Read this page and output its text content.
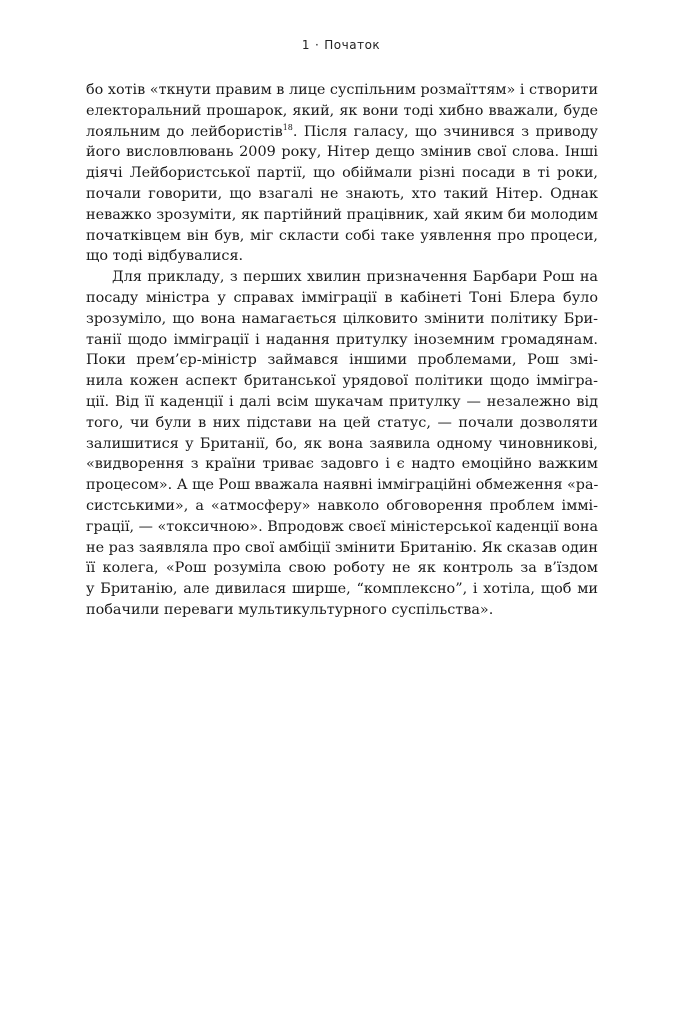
1 · Початок
бо хотів «ткнути правим в лице суспільним розмаїттям» і створити
електоральний прошарок, який, як вони тоді хибно вважали, буде
лояльним до лейбористів$^{18}$. Після галасу, що зчинився з приводу
його висловлювань 2009 року, Нітер дещо змінив свої слова. Інші
діячі Лейбористської партії, що обіймали різні посади в ті роки,
почали говорити, що взагалі не знають, хто такий Нітер. Однак
неважко зрозуміти, як партійний працівник, хай яким би молодим
початківцем він був, міг скласти собі таке уявлення про процеси,
що тоді відбувалися.
Для прикладу, з перших хвилин призначення Барбари Рош на
посаду міністра у справах імміграції в кабінеті Тоні Блера було
зрозуміло, що вона намагається цілковито змінити політику Бри-
танії щодо імміграції і надання притулку іноземним громадянам.
Поки прем’єр-міністр займався іншими проблемами, Рош змі-
нила кожен аспект британської урядової політики щодо іммігра-
ції. Від її каденції і далі всім шукачам притулку — незалежно від
того, чи були в них підстави на цей статус, — почали дозволяти
залишитися у Британії, бо, як вона заявила одному чиновникові,
«видворення з країни триває задовго і є надто емоційно важким
процесом». А ще Рош вважала наявні імміграційні обмеження «ра-
систськими», а «атмосферу» навколо обговорення проблем іммі-
грації, — «токсичною». Впродовж своєї міністерської каденції вона
не раз заявляла про свої амбіції змінити Британію. Як сказав один
її колега, «Рош розуміла свою роботу не як контроль за в’їздом
у Британію, але дивилася ширше, “комплексно”, і хотіла, щоб ми
побачили переваги мультикультурного суспільства».
